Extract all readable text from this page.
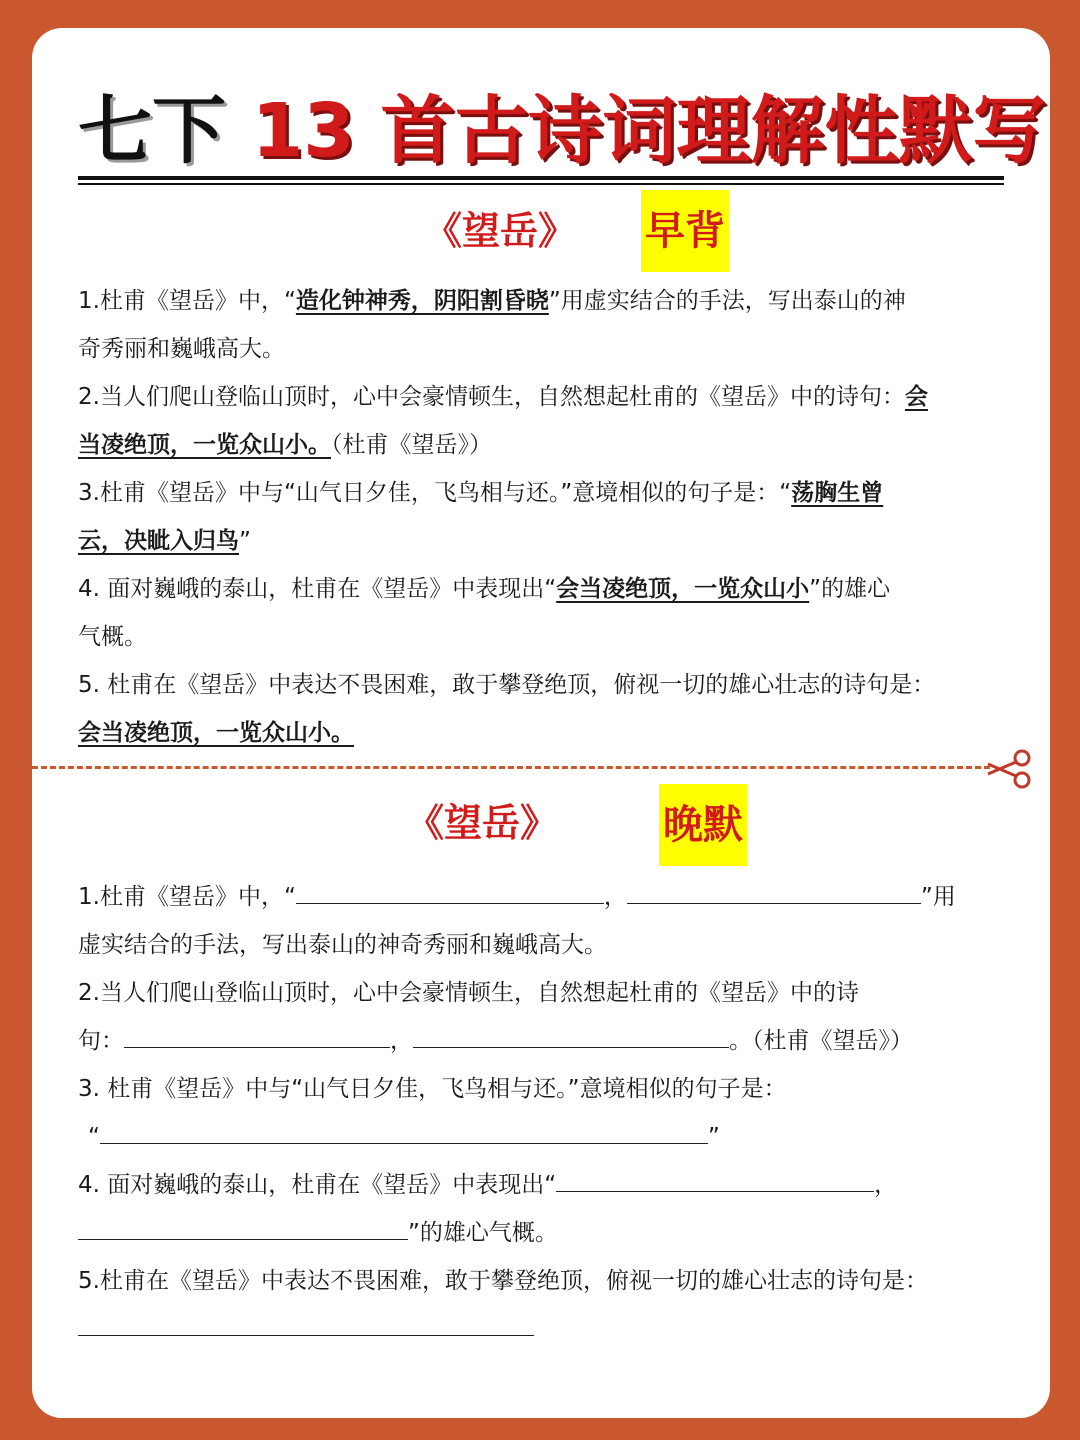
七下 13 首古诗词理解性默写
《望岳》 早背
1.杜甫《望岳》中，“造化钟神秀，阴阳割昏晓”用虚实结合的手法，写出泰山的神
奇秀丽和巍峨高大。
2.当人们爬山登临山顶时，心中会豪情顿生，自然想起杜甫的《望岳》中的诗句：会
当凌绝顶，一览众山小。（杜甫《望岳》）
3.杜甫《望岳》中与“山气日夕佳，飞鸟相与还。”意境相似的句子是：“荡胸生曾
云，决眦入归鸟”
4. 面对巍峨的泰山，杜甫在《望岳》中表现出“会当凌绝顶，一览众山小”的雄心
气概。
5. 杜甫在《望岳》中表达不畏困难，敢于攀登绝顶，俯视一切的雄心壮志的诗句是：
会当凌绝顶，一览众山小。
《望岳》	晚默
1.杜甫《望岳》中，“	，	”用
虚实结合的手法，写出泰山的神奇秀丽和巍峨高大。
2.当人们爬山登临山顶时，心中会豪情顿生，自然想起杜甫的《望岳》中的诗
句：	，	。（杜甫《望岳》）
3. 杜甫《望岳》中与“山气日夕佳，飞鸟相与还。”意境相似的句子是：
“	”
4. 面对巍峨的泰山，杜甫在《望岳》中表现出“	，
”的雄心气概。
5.杜甫在《望岳》中表达不畏困难，敢于攀登绝顶，俯视一切的雄心壮志的诗句是：
